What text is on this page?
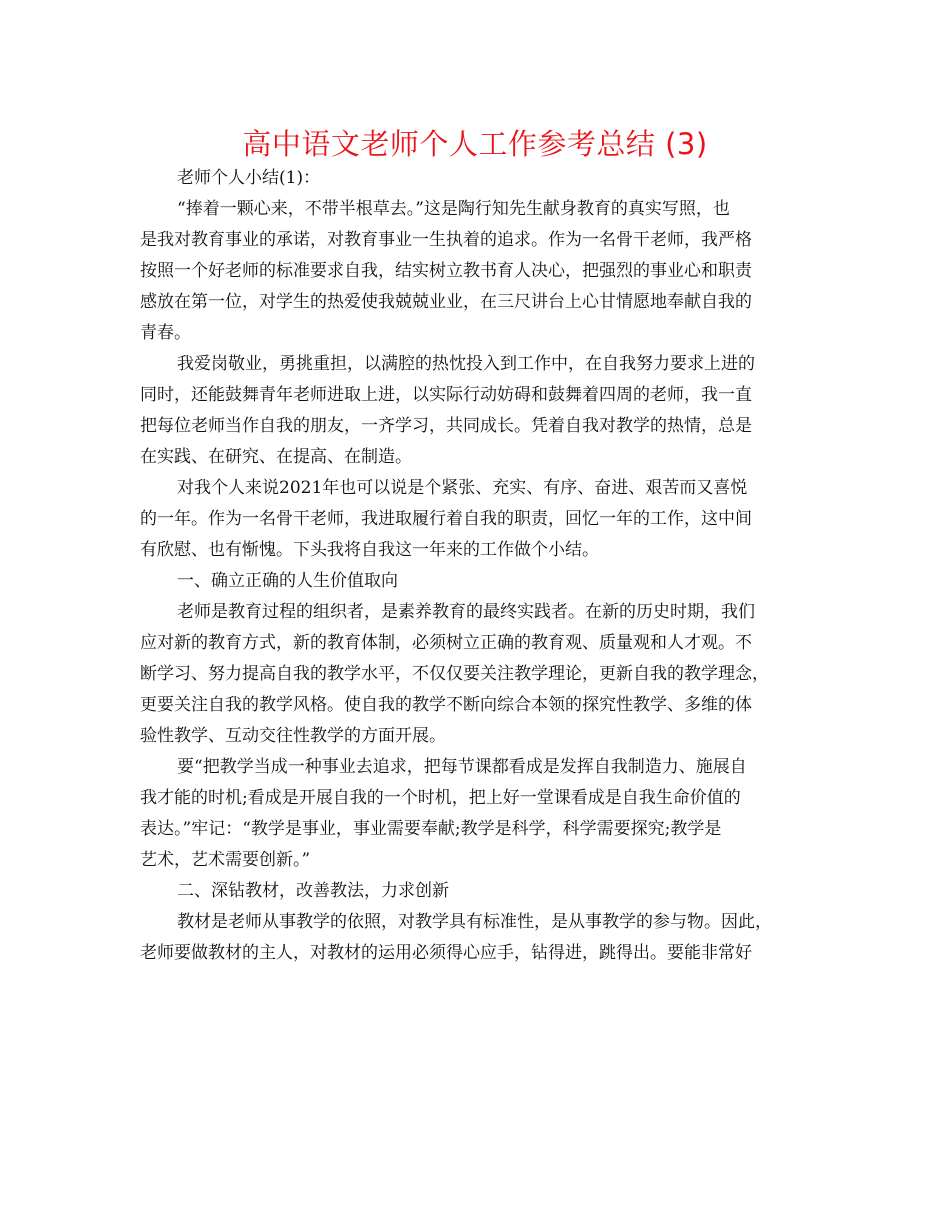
高中语文老师个人工作参考总结 (3)
老师个人小结(1)：
“捧着一颗心来，不带半根草去。”这是陶行知先生献身教育的真实写照，也
是我对教育事业的承诺，对教育事业一生执着的追求。作为一名骨干老师，我严格
按照一个好老师的标准要求自我，结实树立教书育人决心，把强烈的事业心和职责
感放在第一位，对学生的热爱使我兢兢业业，在三尺讲台上心甘情愿地奉献自我的
青春。
我爱岗敬业，勇挑重担，以满腔的热忱投入到工作中，在自我努力要求上进的
同时，还能鼓舞青年老师进取上进，以实际行动妨碍和鼓舞着四周的老师，我一直
把每位老师当作自我的朋友，一齐学习，共同成长。凭着自我对教学的热情，总是
在实践、在研究、在提高、在制造。
对我个人来说2021年也可以说是个紧张、充实、有序、奋进、艰苦而又喜悦
的一年。作为一名骨干老师，我进取履行着自我的职责，回忆一年的工作，这中间
有欣慰、也有惭愧。下头我将自我这一年来的工作做个小结。
一、确立正确的人生价值取向
老师是教育过程的组织者，是素养教育的最终实践者。在新的历史时期，我们
应对新的教育方式，新的教育体制，必须树立正确的教育观、质量观和人才观。不
断学习、努力提高自我的教学水平，不仅仅要关注教学理论，更新自我的教学理念，
更要关注自我的教学风格。使自我的教学不断向综合本领的探究性教学、多维的体
验性教学、互动交往性教学的方面开展。
要“把教学当成一种事业去追求，把每节课都看成是发挥自我制造力、施展自
我才能的时机;看成是开展自我的一个时机，把上好一堂课看成是自我生命价值的
表达。”牢记：“教学是事业，事业需要奉献;教学是科学，科学需要探究;教学是
艺术，艺术需要创新。”
二、深钻教材，改善教法，力求创新
教材是老师从事教学的依照，对教学具有标准性，是从事教学的参与物。因此，
老师要做教材的主人，对教材的运用必须得心应手，钻得进，跳得出。要能非常好
